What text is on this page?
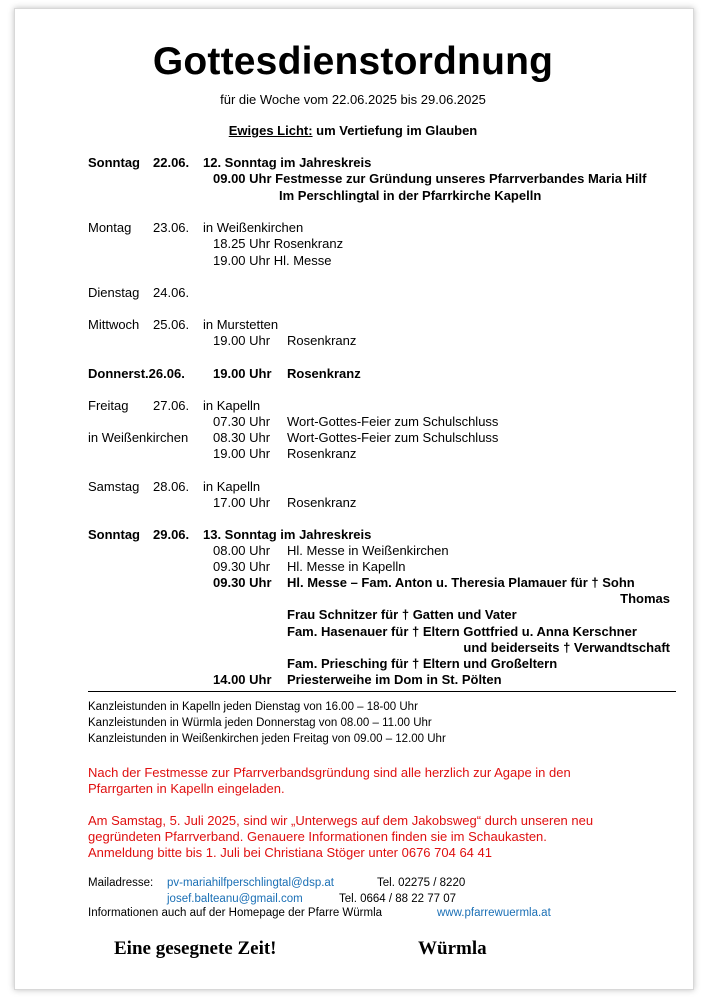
Gottesdienstordnung
für die Woche vom 22.06.2025 bis 29.06.2025
Ewiges Licht: um Vertiefung im Glauben
Sonntag 22.06. 12. Sonntag im Jahreskreis
09.00 Uhr Festmesse zur Gründung unseres Pfarrverbandes Maria Hilf
Im Perschlingtal in der Pfarrkirche Kapelln
Montag 23.06. in Weißenkirchen
18.25 Uhr Rosenkranz
19.00 Uhr Hl. Messe
Dienstag 24.06.
Mittwoch 25.06. in Murstetten
19.00 Uhr Rosenkranz
Donnerst.26.06. 19.00 Uhr Rosenkranz
Freitag 27.06. in Kapelln
07.30 Uhr Wort-Gottes-Feier zum Schulschluss
in Weißenkirchen 08.30 Uhr Wort-Gottes-Feier zum Schulschluss
19.00 Uhr Rosenkranz
Samstag 28.06. in Kapelln
17.00 Uhr Rosenkranz
Sonntag 29.06. 13. Sonntag im Jahreskreis
08.00 Uhr Hl. Messe in Weißenkirchen
09.30 Uhr Hl. Messe in Kapelln
09.30 Uhr Hl. Messe – Fam. Anton u. Theresia Plamauer für † Sohn
Thomas
Frau Schnitzer für † Gatten und Vater
Fam. Hasenauer für † Eltern Gottfried u. Anna Kerschner
und beiderseits † Verwandtschaft
Fam. Priesching für † Eltern und Großeltern
14.00 Uhr Priesterweihe im Dom in St. Pölten
Kanzleistunden in Kapelln jeden Dienstag von 16.00 – 18-00 Uhr
Kanzleistunden in Würmla jeden Donnerstag von 08.00 – 11.00 Uhr
Kanzleistunden in Weißenkirchen jeden Freitag von 09.00 – 12.00 Uhr
Nach der Festmesse zur Pfarrverbandsgründung sind alle herzlich zur Agape in den
Pfarrgarten in Kapelln eingeladen.
Am Samstag, 5. Juli 2025, sind wir „Unterwegs auf dem Jakobsweg“ durch unseren neu
gegründeten Pfarrverband. Genauere Informationen finden sie im Schaukasten.
Anmeldung bitte bis 1. Juli bei Christiana Stöger unter 0676 704 64 41
Mailadresse: pv-mariahilfperschlingtal@dsp.at	Tel. 02275 / 8220
josef.balteanu@gmail.com	Tel. 0664 / 88 22 77 07
Informationen auch auf der Homepage der Pfarre Würmla	www.pfarrewuermla.at
Eine gesegnete Zeit!	Würmla
